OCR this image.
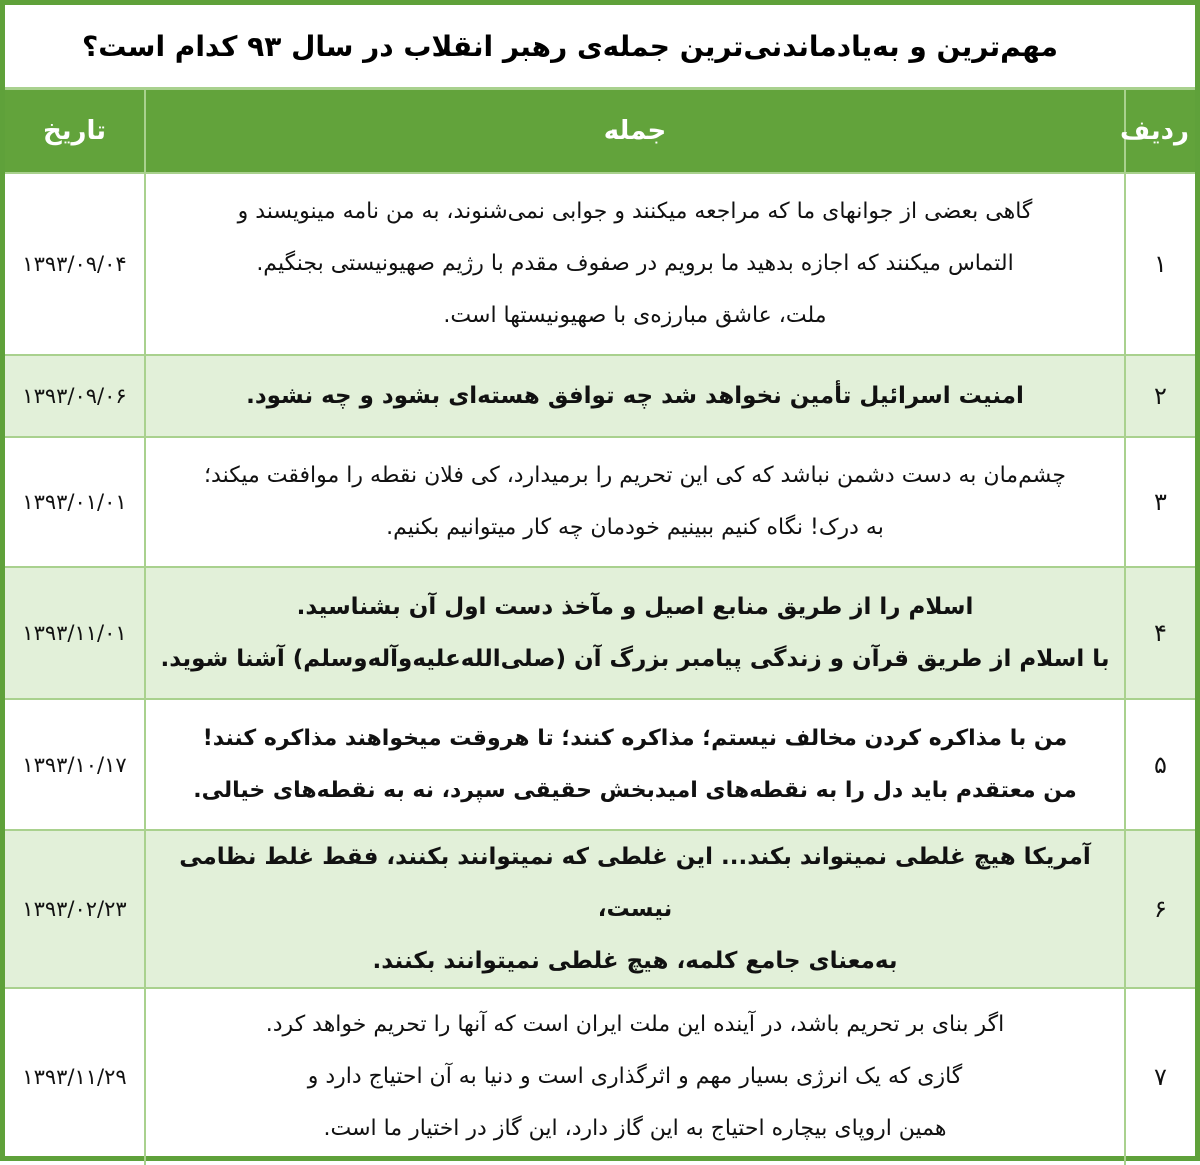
مهم‌ترین و به‌یادماندنی‌ترین جمله‌ی رهبر انقلاب در سال ۹۳ کدام است؟
ردیف	جمله	تاریخ
۱	گاهی بعضی از جوانهای ما که مراجعه میکنند و جوابی نمی‌شنوند، به من نامه مینویسند و
التماس میکنند که اجازه بدهید ما برویم در صفوف مقدم با رژیم صهیونیستی بجنگیم.
ملت، عاشق مبارزه‌ی با صهیونیستها است.	۱۳۹۳/۰۹/۰۴
۲	امنیت اسرائیل تأمین نخواهد شد چه توافق هسته‌ای بشود و چه نشود.	۱۳۹۳/۰۹/۰۶
۳	چشم‌مان به دست دشمن نباشد که کی این تحریم را برمیدارد، کی فلان نقطه را موافقت میکند؛
به درک! نگاه کنیم ببینیم خودمان چه کار میتوانیم بکنیم.	۱۳۹۳/۰۱/۰۱
۴	اسلام را از طریق منابع اصیل و مآخذ دست اول آن بشناسید.
با اسلام از طریق قرآن و زندگی پیامبر بزرگ آن (صلی‌الله‌علیه‌وآله‌وسلم) آشنا شوید.	۱۳۹۳/۱۱/۰۱
۵	من با مذاکره کردن مخالف نیستم؛ مذاکره کنند؛ تا هروقت میخواهند مذاکره کنند!
من معتقدم باید دل را به نقطه‌های امیدبخش حقیقی سپرد، نه به نقطه‌های خیالی.	۱۳۹۳/۱۰/۱۷
۶	آمریکا هیچ غلطی نمیتواند بکند... این غلطی که نمیتوانند بکنند، فقط غلط نظامی نیست،
به‌معنای جامع کلمه، هیچ غلطی نمیتوانند بکنند.	۱۳۹۳/۰۲/۲۳
۷	اگر بنای بر تحریم باشد، در آینده این ملت ایران است که آنها را تحریم خواهد کرد.
گازی که یک انرژی بسیار مهم و اثرگذاری است و دنیا به آن احتیاج دارد و
همین اروپای بیچاره احتیاج به این گاز دارد، این گاز در اختیار ما است.	۱۳۹۳/۱۱/۲۹
